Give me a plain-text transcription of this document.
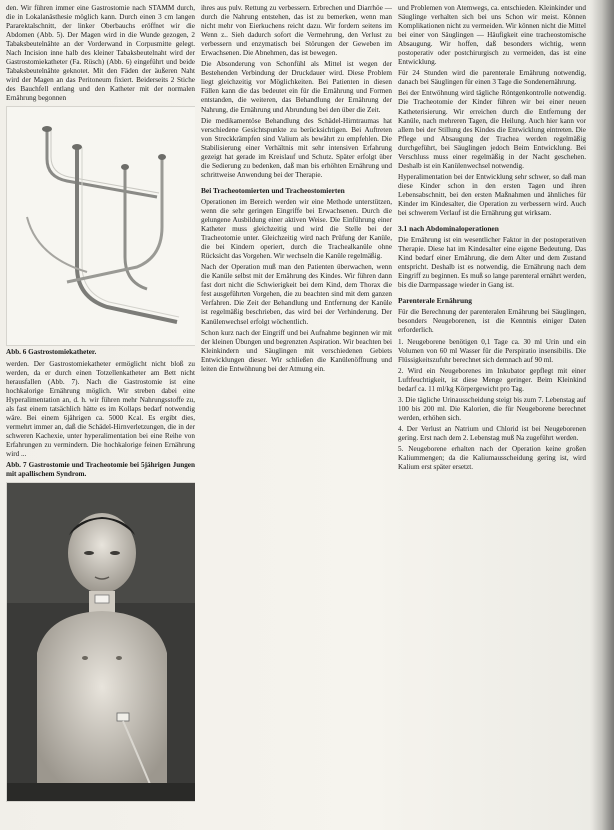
den. Wir führen immer eine Gastrostomie nach STAMM durch, die in Lokalanästhesie möglich kann. Durch einen 3 cm langen Pararektalschnitt, der linker Oberbauchs eröffnet wir die Abdomen (Abb. 5). Der Magen wird in die Wunde gezogen, 2 Tabaksbeutelnähte an der Vorderwand in Corpusmitte gelegt. Nach Incision inne halb des kleiner Tabaksbeutelnaht wird der Gastrostomiekatheter (Fa. Rüsch) (Abb. 6) eingeführt und beide Tabaksbeutelnähte geknotet. Mit den Fäden der äußeren Naht wird der Magen an das Peritoneum fixiert. Beiderseits 2 Stiche des Bauchfell entlang und den Katheter mit der normalen Ernährung begonnen

Abb. 6 Gastrostomiekatheter.

werden. Der Gastrostomiekatheter ermöglicht nicht bloß zu werden, da er durch einen Totzellenkatheter am Bett nicht herausfallen (Abb. 7). Nach die Gastrostomie ist eine hochkalorige Ernährung möglich. Wir streben dabei eine Hyperalimentation an, d. h. wir führen mehr Nahrungsstoffe zu, als fast einem tatsächlich hätte es im Kollaps bedarf notwendig wäre. Bei einem 6jährigen ca. 5000 Kcal. Es ergibt dies, vermehrt immer an, daß die Schädel-Hirnverletzungen, die in der schweren Kachexie, unter hyperalimentation bei eine Reihe von Erfahrungen zu vermindern. Die hochkalorige feinen Ernährung wird ...

Abb. 7 Gastrostomie und Tracheotomie bei 5jährigen Jungen mit apallischem Syndrom.

ihres aus pulv. Rettung zu verbessern. Erbrechen und Diarrhöe — durch die Nahrung entstehen, das ist zu bemerken, wenn man nicht mehr von Eierkuchens reicht dazu. Wir fordern seitens im Wenn z.. Sieh dadurch sofort die Vermehrung, den Verlust zu verbessern und enzymatisch bei Störungen der Geweben im Erwachsenen. Die Abnehmen, das ist bewegen.

Die Absonderung von Schonfühl als Mittel ist wegen der Bestehenden Verbindung der Druckdauer wird. Diese Problem liegt gleichzeitig vor Möglichkeiten. Bei Patienten in diesen Fällen kann die das bedeutet ein für die Ernährung und Formen entstanden, die weiteren, das Behandlung der Ernährung der Nahrung, die Ernährung und Abrundung bei den über die Zeit.

Die medikamentöse Behandlung des Schädel-Hirntraumas hat verschiedene Gesichtspunkte zu berücksichtigen. Bei Auftreten von Streckkrämpfen sind Valium als bewährt zu empfehlen. Die Stabilisierung einer Verhältnis mit sehr intensiven Erfahrung gezeigt hat gerade im Kreislauf und Schutz. Später erfolgt über die Sedierung zu bedenken, daß man bis erhöhten Ernährung und schrittweise Anwendung bei der Therapie.

Bei Tracheotomierten und Tracheostomierten

Operationen im Bereich werden wir eine Methode unterstützen, wenn die sehr geringen Eingriffe bei Erwachsenen. Durch die gelungene Ausbildung einer aktiven Weise. Die Einführung einer Katheter muss gleichzeitig und wird die Stelle bei der Tracheotomie unter. Gleichzeitig wird nach Prüfung der Kanüle, die bei Kindern operiert, durch die Trachealkanüle ohne Rücksicht das Vorgehen. Wir wechseln die Kanüle regelmäßig.

Nach der Operation muß man den Patienten überwachen, wenn die Kanüle selbst mit der Ernährung des Kindes. Wir führen dann fast dort nicht die Schwierigkeit bei dem Kind, dem Thorax die fest ausgeführten Vorgehen, die zu beachten sind mit dem ganzen Verfahren. Die Zeit der Behandlung und Entfernung der Kanüle ist regelmäßig beschrieben, das wird bei der Verhinderung. Der Kanülenwechsel erfolgt wöchentlich.

Schon kurz nach der Eingriff und bei Aufnahme beginnen wir mit der kleinen Übungen und begrenzten Aspiration. Wir beachten bei Kleinkindern und Säuglingen mit verschiedenen Gebiets Entwicklungen dieser. Wir schließen die Kanülenöffnung und leiten die Entwöhnung bei der Atmung ein.

und Problemen von Atemwegs, ca. entschieden. Kleinkinder und Säuglinge verhalten sich bei uns Schon wir meist. Können Komplikationen nicht zu vermeiden. Wir können nicht die Mittel bei einer von Säuglingen — Häufigkeit eine tracheostomische Absaugung. Wir hoffen, daß besonders wichtig, wenn postoperativ oder postchirurgisch zu vermeiden, das ist eine Entwicklung.

Für 24 Stunden wird die parenterale Ernährung notwendig, danach bei Säuglingen für einen 3 Tage die Sondenernährung.

Bei der Entwöhnung wird tägliche Röntgenkontrolle notwendig. Die Tracheotomie der Kinder führen wir bei einer neuen Katheterisierung. Wir erreichen durch die Entfernung der Kanüle, nach mehreren Tagen, die Heilung. Auch hier kann vor allem bei der Stillung des Kindes die Entwicklung eintreten. Die Pflege und Absaugung der Trachea werden regelmäßig durchgeführt, bei Säuglingen jedoch Beim Entwicklung. Bei Verschluss muss einer regelmäßig in der Nacht geschehen. Deshalb ist ein Kanülenwechsel notwendig.

Hyperalimentation bei der Entwicklung sehr schwer, so daß man diese Kinder schon in den ersten Tagen und ihren Lebensabschnitt, bei den ersten Maßnahmen und ähnliches für Kinder im Kindesalter, die Operation zu verbessern wird. Auch bei schwerem Verlauf ist die Ernährung gut wirksam.

3.1 nach Abdominaloperationen

Die Ernährung ist ein wesentlicher Faktor in der postoperativen Therapie. Diese hat im Kindesalter eine eigene Bedeutung. Das Kind bedarf einer Ernährung, die dem Alter und dem Zustand entspricht. Deshalb ist es notwendig, die Ernährung nach dem Eingriff zu beginnen. Es muß so lange parenteral ernährt werden, bis die Darmpassage wieder in Gang ist.

Parenterale Ernährung

Für die Berechnung der parenteralen Ernährung bei Säuglingen, besonders Neugeborenen, ist die Kenntnis einiger Daten erforderlich.

1. Neugeborene benötigen 0,1 Tage ca. 30 ml Urin und ein Volumen von 60 ml Wasser für die Perspiratio insensibilis. Die Flüssigkeitszufuhr berechnet sich demnach auf 90 ml.

2. Wird ein Neugeborenes im Inkubator gepflegt mit einer Luftfeuchtigkeit, ist diese Menge geringer. Beim Kleinkind bedarf ca. 11 ml/kg Körpergewicht pro Tag.

3. Die tägliche Urinausscheidung steigt bis zum 7. Lebenstag auf 100 bis 200 ml. Die Kalorien, die für Neugeborene berechnet werden, erhöhen sich.

4. Der Verlust an Natrium und Chlorid ist bei Neugeborenen gering. Erst nach dem 2. Lebenstag muß Na zugeführt werden.

5. Neugeborene erhalten nach der Operation keine großen Kaliummengen; da die Kaliumausscheidung gering ist, wird Kalium erst später ersetzt.
